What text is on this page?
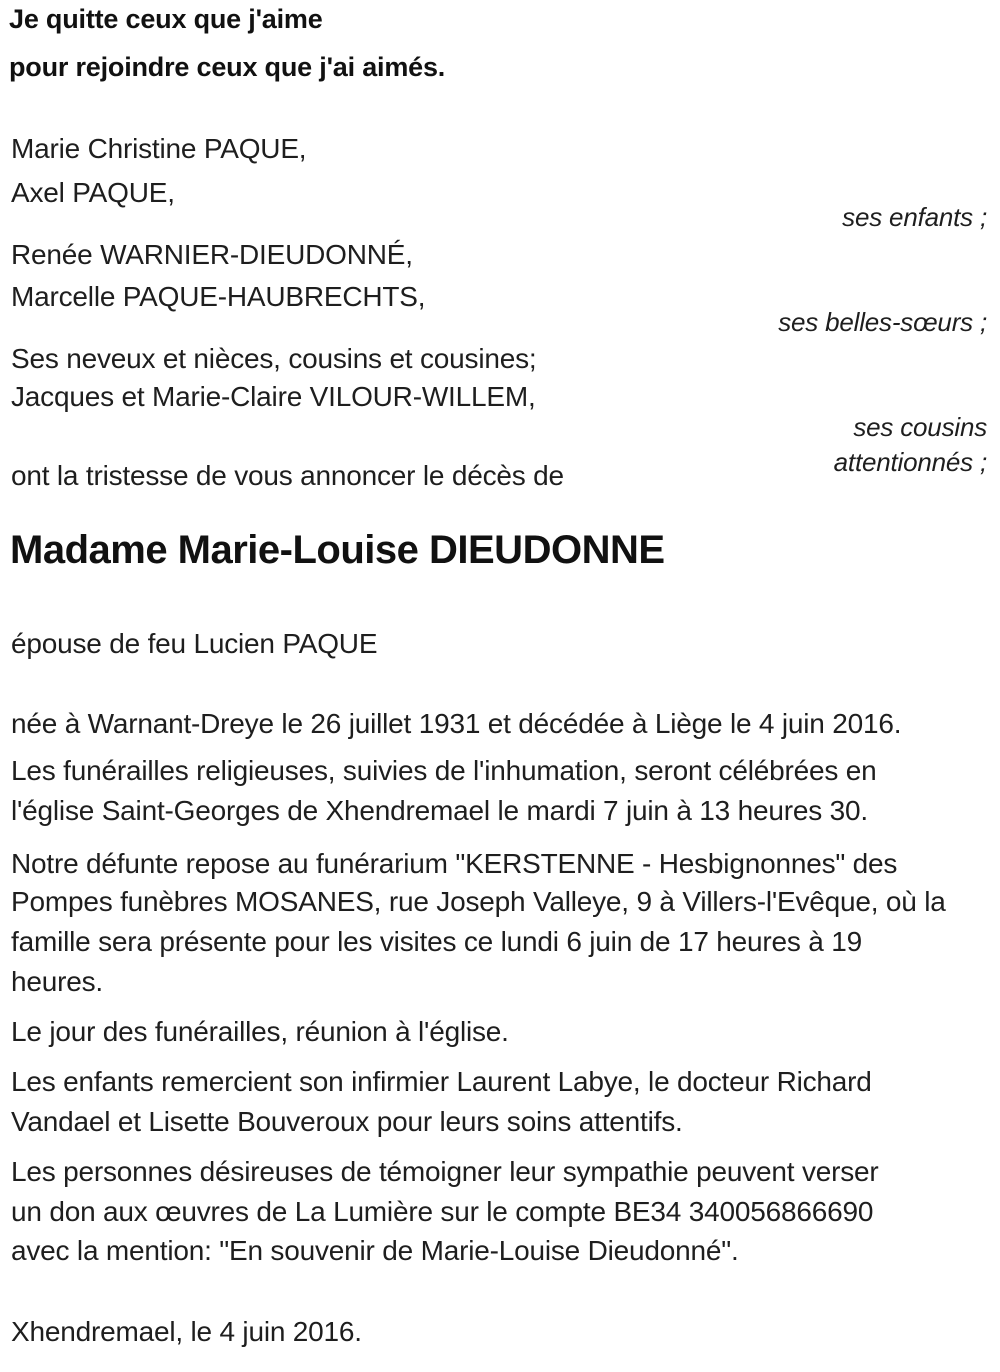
Je quitte ceux que j'aime
pour rejoindre ceux que j'ai aimés.
Marie Christine PAQUE,
Axel PAQUE,
ses enfants ;
Renée WARNIER-DIEUDONNÉ,
Marcelle PAQUE-HAUBRECHTS,
ses belles-sœurs ;
Ses neveux et nièces, cousins et cousines;
Jacques et Marie-Claire VILOUR-WILLEM,
ses cousins
attentionnés ;
ont la tristesse de vous annoncer le décès de
Madame Marie-Louise DIEUDONNE
épouse de feu Lucien PAQUE
née à Warnant-Dreye le 26 juillet 1931 et décédée à Liège le 4 juin 2016.
Les funérailles religieuses, suivies de l'inhumation, seront célébrées en
l'église Saint-Georges de Xhendremael le mardi 7 juin à 13 heures 30.
Notre défunte repose au funérarium "KERSTENNE - Hesbignonnes" des
Pompes funèbres MOSANES, rue Joseph Valleye, 9 à Villers-l'Evêque, où la
famille sera présente pour les visites ce lundi 6 juin de 17 heures à 19
heures.
Le jour des funérailles, réunion à l'église.
Les enfants remercient son infirmier Laurent Labye, le docteur Richard
Vandael et Lisette Bouveroux pour leurs soins attentifs.
Les personnes désireuses de témoigner leur sympathie peuvent verser
un don aux œuvres de La Lumière sur le compte BE34 340056866690
avec la mention: "En souvenir de Marie-Louise Dieudonné".
Xhendremael, le 4 juin 2016.
